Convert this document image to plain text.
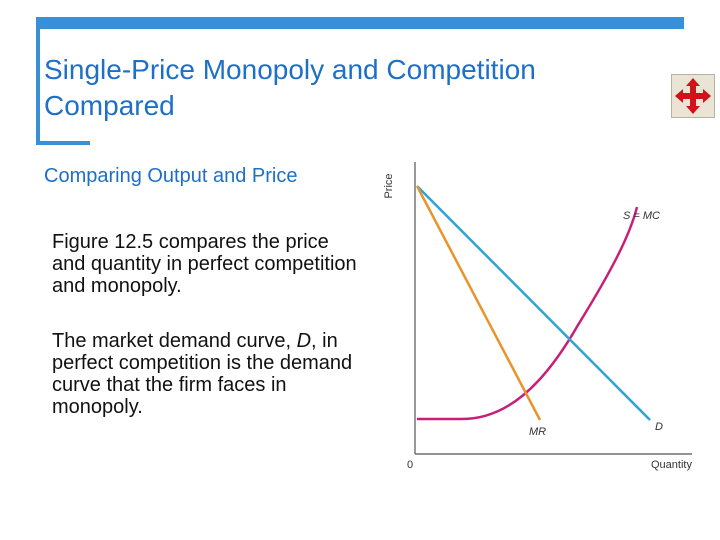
Single-Price Monopoly and Competition Compared
Comparing Output and Price
Figure 12.5 compares the price and quantity in perfect competition and monopoly.
The market demand curve, D, in perfect competition is the demand curve that the firm faces in monopoly.
Price
S = MC
D
MR
0	Quantity
